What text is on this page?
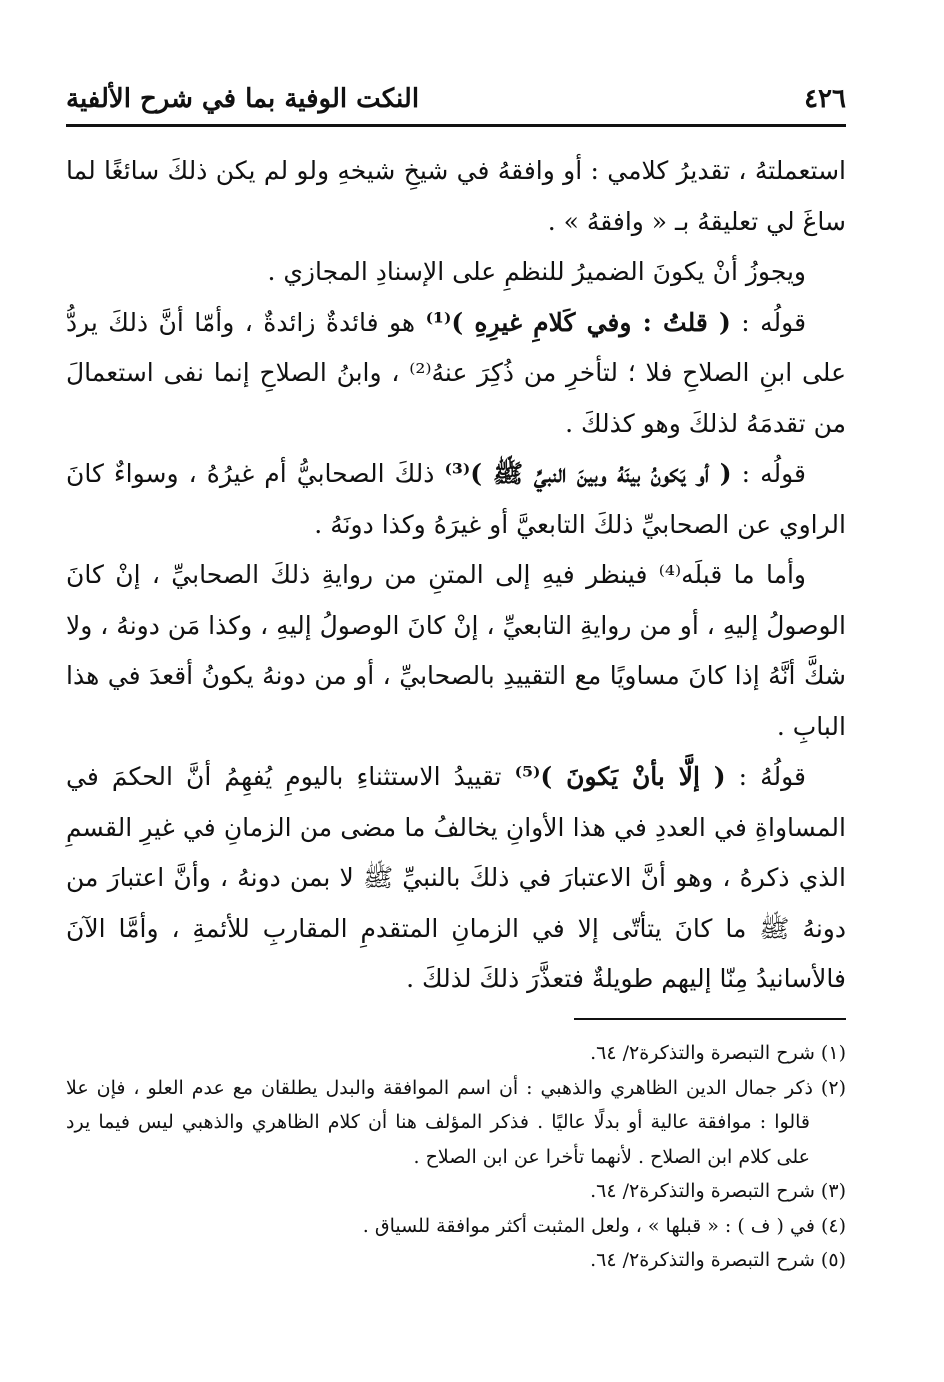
٤٢٦
النكت الوفية بما في شرح الألفية

استعملتهُ ، تقديرُ كلامي : أو وافقهُ في شيخِ شيخهِ ولو لم يكن ذلكَ سائغًا لما ساغَ لي تعليقهُ بـ « وافقهُ » .

ويجوزُ أنْ يكونَ الضميرُ للنظمِ على الإسنادِ المجازي .

قولُه : ( قلتُ : وفي كَلامِ غيرِهِ )⁽¹⁾ هو فائدةٌ زائدةٌ ، وأمّا أنَّ ذلكَ يردُّ على ابنِ الصلاحِ فلا ؛ لتأخرِ من ذُكِرَ عنهُ⁽²⁾ ، وابنُ الصلاحِ إنما نفى استعمالَ من تقدمَهُ لذلكَ وهو كذلكَ .

قولُه : ( أو يَكونُ بينَهُ وبينَ النبيِّ ﷺ )⁽³⁾ ذلكَ الصحابيُّ أم غيرُهُ ، وسواءٌ كانَ الراوي عن الصحابيِّ ذلكَ التابعيَّ أو غيرَهُ وكذا دونَهُ .

وأما ما قبلَه⁽⁴⁾ فينظر فيهِ إلى المتنِ من روايةِ ذلكَ الصحابيِّ ، إنْ كانَ الوصولُ إليهِ ، أو من روايةِ التابعيِّ ، إنْ كانَ الوصولُ إليهِ ، وكذا مَن دونهُ ، ولا شكَّ أنَّهُ إذا كانَ مساويًا مع التقييدِ بالصحابيِّ ، أو من دونهُ يكونُ أقعدَ في هذا البابِ .

قولُهُ : ( إلَّا بأنْ يَكونَ )⁽⁵⁾ تقييدُ الاستثناءِ باليومِ يُفهِمُ أنَّ الحكمَ في المساواةِ في العددِ في هذا الأوانِ يخالفُ ما مضى من الزمانِ في غيرِ القسمِ الذي ذكرهُ ، وهو أنَّ الاعتبارَ في ذلكَ بالنبيِّ ﷺ لا بمن دونهُ ، وأنَّ اعتبارَ من دونهُ ﷺ ما كانَ يتأتّى إلا في الزمانِ المتقدمِ المقاربِ للأئمةِ ، وأمَّا الآنَ فالأسانيدُ مِنّا إليهم طويلةٌ فتعذَّرَ ذلكَ لذلكَ .

(١) شرح التبصرة والتذكرة٢/ ٦٤.

(٢) ذكر جمال الدين الظاهري والذهبي : أن اسم الموافقة والبدل يطلقان مع عدم العلو ، فإن علا قالوا : موافقة عالية أو بدلًا عاليًا . فذكر المؤلف هنا أن كلام الظاهري والذهبي ليس فيما يرد على كلام ابن الصلاح . لأنهما تأخرا عن ابن الصلاح .

(٣) شرح التبصرة والتذكرة٢/ ٦٤.

(٤) في ( ف ) : « قبلها » ، ولعل المثبت أكثر موافقة للسياق .

(٥) شرح التبصرة والتذكرة٢/ ٦٤.
